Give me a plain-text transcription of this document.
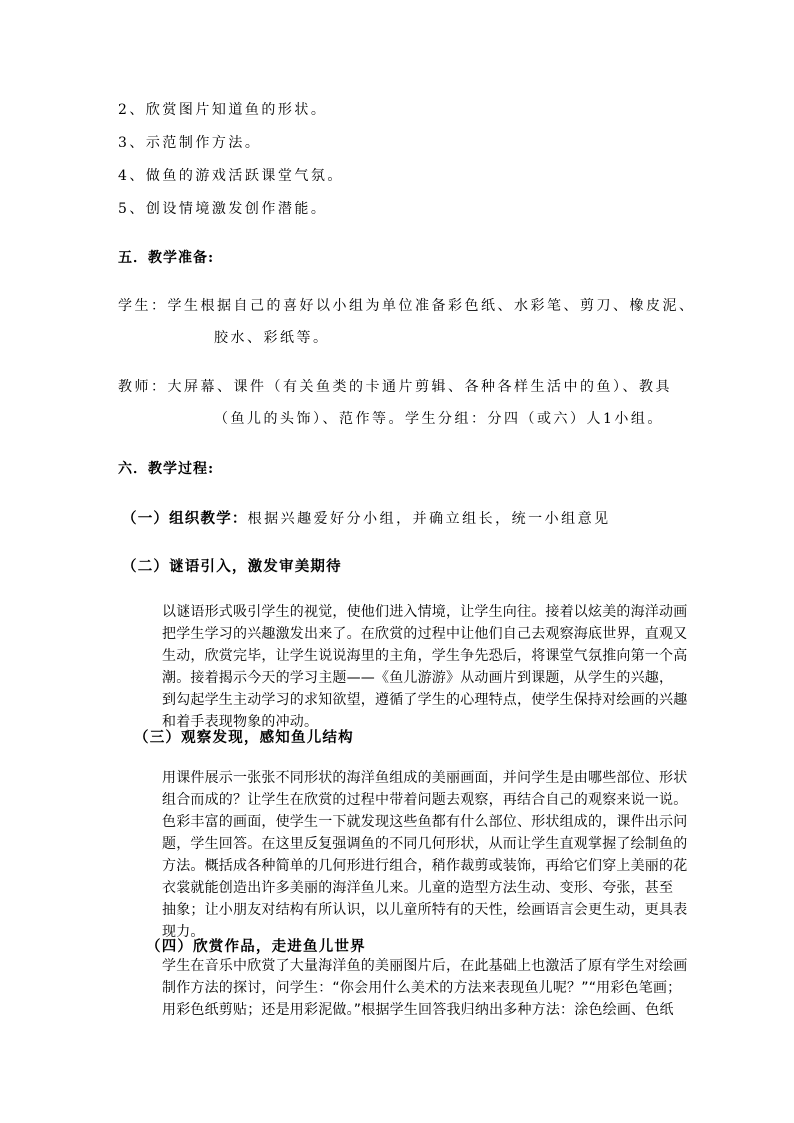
2、欣赏图片知道鱼的形状。
3、示范制作方法。
4、做鱼的游戏活跃课堂气氛。
5、创设情境激发创作潜能。
五．教学准备:
学生：学生根据自己的喜好以小组为单位准备彩色纸、水彩笔、剪刀、橡皮泥、
胶水、彩纸等。
教师：大屏幕、课件（有关鱼类的卡通片剪辑、各种各样生活中的鱼）、教具
（鱼儿的头饰）、范作等。学生分组：分四（或六）人1小组。
六．教学过程:
（一）组织教学：根据兴趣爱好分小组，并确立组长，统一小组意见
（二）谜语引入，激发审美期待
以谜语形式吸引学生的视觉，使他们进入情境，让学生向往。接着以炫美的海洋动画
把学生学习的兴趣激发出来了。在欣赏的过程中让他们自己去观察海底世界，直观又
生动，欣赏完毕，让学生说说海里的主角，学生争先恐后，将课堂气氛推向第一个高
潮。接着揭示今天的学习主题——《鱼儿游游》从动画片到课题，从学生的兴趣，
到勾起学生主动学习的求知欲望，遵循了学生的心理特点，使学生保持对绘画的兴趣
和着手表现物象的冲动。
（三）观察发现，感知鱼儿结构
用课件展示一张张不同形状的海洋鱼组成的美丽画面，并问学生是由哪些部位、形状
组合而成的？让学生在欣赏的过程中带着问题去观察，再结合自己的观察来说一说。
色彩丰富的画面，使学生一下就发现这些鱼都有什么部位、形状组成的，课件出示问
题，学生回答。在这里反复强调鱼的不同几何形状，从而让学生直观掌握了绘制鱼的
方法。概括成各种简单的几何形进行组合，稍作裁剪或装饰，再给它们穿上美丽的花
衣裳就能创造出许多美丽的海洋鱼儿来。儿童的造型方法生动、变形、夸张，甚至
抽象；让小朋友对结构有所认识，以儿童所特有的天性，绘画语言会更生动，更具表
现力。
（四）欣赏作品，走进鱼儿世界
学生在音乐中欣赏了大量海洋鱼的美丽图片后，在此基础上也激活了原有学生对绘画
制作方法的探讨，问学生：“你会用什么美术的方法来表现鱼儿呢？”“用彩色笔画；
用彩色纸剪贴；还是用彩泥做。”根据学生回答我归纳出多种方法：涂色绘画、色纸
